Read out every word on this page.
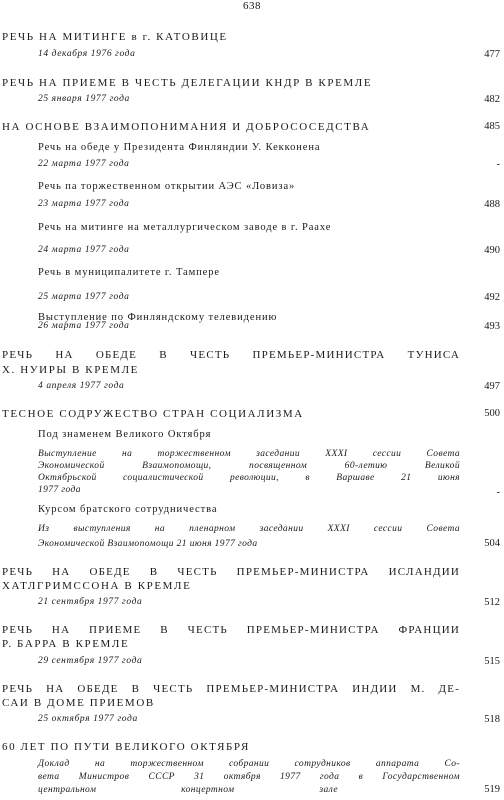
638
РЕЧЬ НА МИТИНГЕ в г. КАТОВИЦЕ
14 декабря 1976 года	477
РЕЧЬ НА ПРИЕМЕ В ЧЕСТЬ ДЕЛЕГАЦИИ КНДР В КРЕМЛЕ
25 января 1977 года	482
НА ОСНОВЕ ВЗАИМОПОНИМАНИЯ И ДОБРОСОСЕДСТВА	485
Речь на обеде у Президента Финляндии У. Кекконена
22 марта 1977 года	-
Речь па торжественном открытии АЭС «Ловиза»
23 марта 1977 года	488
Речь на митинге на металлургическом заводе в г. Раахе
24 марта 1977 года	490
Речь в муниципалитете г. Тампере
25 марта 1977 года	492
Выступление по Финляндскому телевидению
26 марта 1977 года	493
РЕЧЬ НА ОБЕДЕ В ЧЕСТЬ ПРЕМЬЕР-МИНИСТРА ТУНИСА
Х. НУИРЫ В КРЕМЛЕ
4 апреля 1977 года	497
ТЕСНОЕ СОДРУЖЕСТВО СТРАН СОЦИАЛИЗМА	500
Под знаменем Великого Октября
Выступление на торжественном заседании XXXI сессии Совета
Экономической Взаимопомощи, посвященном 60-летию Великой
Октябрьской социалистической революции, в Варшаве 21 июня
1977 года	-
Курсом братского сотрудничества
Из выступления на пленарном заседании XXXI сессии Совета
Экономической Взаимопомощи 21 июня 1977 года	504
РЕЧЬ НА ОБЕДЕ В ЧЕСТЬ ПРЕМЬЕР-МИНИСТРА ИСЛАНДИИ
ХАТЛГРИМССОНА В КРЕМЛЕ
21 сентября 1977 года	512
РЕЧЬ НА ПРИЕМЕ В ЧЕСТЬ ПРЕМЬЕР-МИНИСТРА ФРАНЦИИ
Р. БАРРА В КРЕМЛЕ
29 сентября 1977 года	515
РЕЧЬ НА ОБЕДЕ В ЧЕСТЬ ПРЕМЬЕР-МИНИСТРА ИНДИИ М. ДЕ-
САИ В ДОМЕ ПРИЕМОВ
25 октября 1977 года	518
60 ЛЕТ ПО ПУТИ ВЕЛИКОГО ОКТЯБРЯ
Доклад на торжественном собрании сотрудников аппарата Со-
вета Министров СССР 31 октября 1977 года в Государственном
центральном концертном зале	519
